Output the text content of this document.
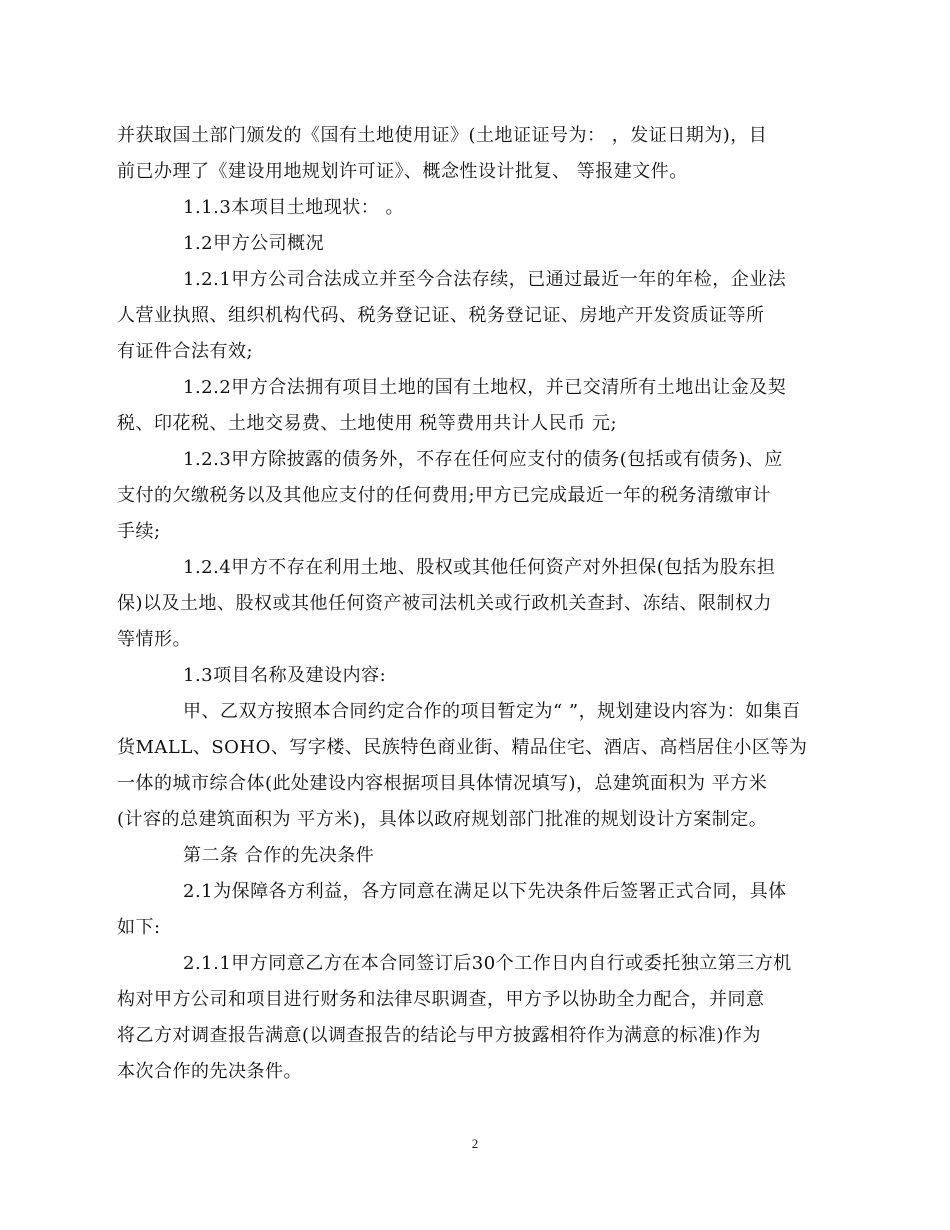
并获取国土部门颁发的《国有土地使用证》(土地证证号为： ，发证日期为)，目
前已办理了《建设用地规划许可证》、概念性设计批复、 等报建文件。
1.1.3本项目土地现状： 。
1.2甲方公司概况
1.2.1甲方公司合法成立并至今合法存续，已通过最近一年的年检，企业法
人营业执照、组织机构代码、税务登记证、税务登记证、房地产开发资质证等所
有证件合法有效;
1.2.2甲方合法拥有项目土地的国有土地权，并已交清所有土地出让金及契
税、印花税、土地交易费、土地使用 税等费用共计人民币 元;
1.2.3甲方除披露的债务外，不存在任何应支付的债务(包括或有债务)、应
支付的欠缴税务以及其他应支付的任何费用;甲方已完成最近一年的税务清缴审计
手续;
1.2.4甲方不存在利用土地、股权或其他任何资产对外担保(包括为股东担
保)以及土地、股权或其他任何资产被司法机关或行政机关查封、冻结、限制权力
等情形。
1.3项目名称及建设内容:
甲、乙双方按照本合同约定合作的项目暂定为“ ”，规划建设内容为：如集百
货MALL、SOHO、写字楼、民族特色商业街、精品住宅、酒店、高档居住小区等为
一体的城市综合体(此处建设内容根据项目具体情况填写)，总建筑面积为 平方米
(计容的总建筑面积为 平方米)，具体以政府规划部门批准的规划设计方案制定。
第二条 合作的先决条件
2.1为保障各方利益，各方同意在满足以下先决条件后签署正式合同，具体
如下:
2.1.1甲方同意乙方在本合同签订后30个工作日内自行或委托独立第三方机
构对甲方公司和项目进行财务和法律尽职调查，甲方予以协助全力配合，并同意
将乙方对调查报告满意(以调查报告的结论与甲方披露相符作为满意的标准)作为
本次合作的先决条件。
2
